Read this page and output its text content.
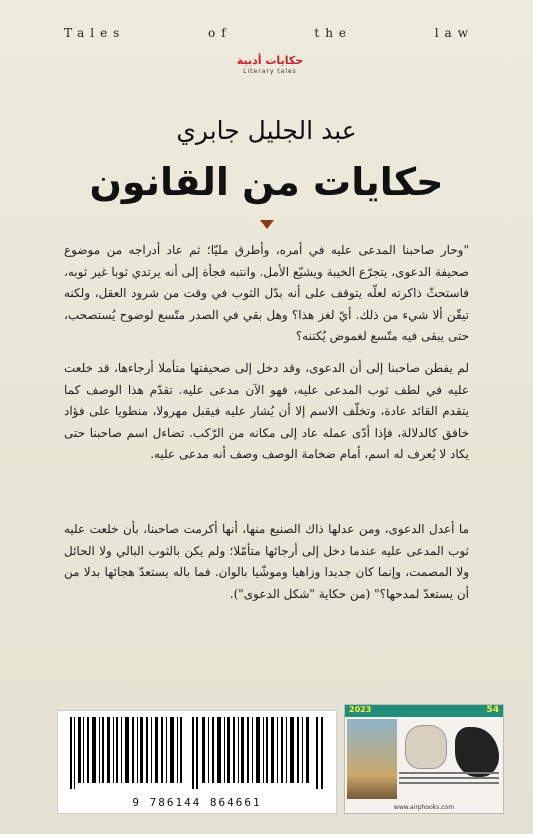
Tales	of	the	law
حكايات أدبية
Literary tales
عبد الجليل جابري
حكايات من القانون
"وحار صاحبنا المدعى عليه في أمره، وأطرق مليّا؛ ثم عاد أدراجه من موضوع صحيفة الدعوى، يتجرّع الخيبة ويشيّع الأمل. وانتبه فجأة إلى أنه يرتدي ثوبا غير ثوبه، فاستحثّ ذاكرته لعلّه يتوقف على أنه بدّل الثوب في وقت من شرود العقل، ولكنه تيقّن ألا شيء من ذلك. أيّ لغز هذا؟ وهل بقي في الصدر متّسع لوضوح يُستصحب، حتى يبقى فيه متّسع لغموض يُكتنه؟
لم يفطن صاحبنا إلى أن الدعوى، وقد دخل إلى صحيفتها متأملا أرجاءها، قد خلعت عليه في لطف ثوب المدعى عليه، فهو الآن مدعى عليه. تقدّم هذا الوصف كما يتقدم القائد عادة، وتخلّف الاسم إلا أن يُشار عليه فيقبل مهرولا، منطويا على فؤاد خافق كالدلالة، فإذا أدّى عمله عاد إلى مكانه من الرّكب. تضاءل اسم صاحبنا حتى يكاد لا يُعرف له اسم، أمام ضخامة الوصف وصف أنه مدعى عليه.
ما أعدل الدعوى، ومن عدلها ذاك الصنيع منها، أنها أكرمت صاحبنا، بأن خلعت عليه ثوب المدعى عليه عندما دخل إلى أرجائها متأمّلا؛ ولم يكن بالثوب البالي ولا الحائل ولا المصمت، وإنما كان جديدا وزاهيا وموشّيا بالوان. فما باله يستعدّ هجائها بدلا من أن يستعدّ لمدحها؟" (من حكاية "شكل الدعوى").
9 786144 864661
2023	54
www.airphooks.com
